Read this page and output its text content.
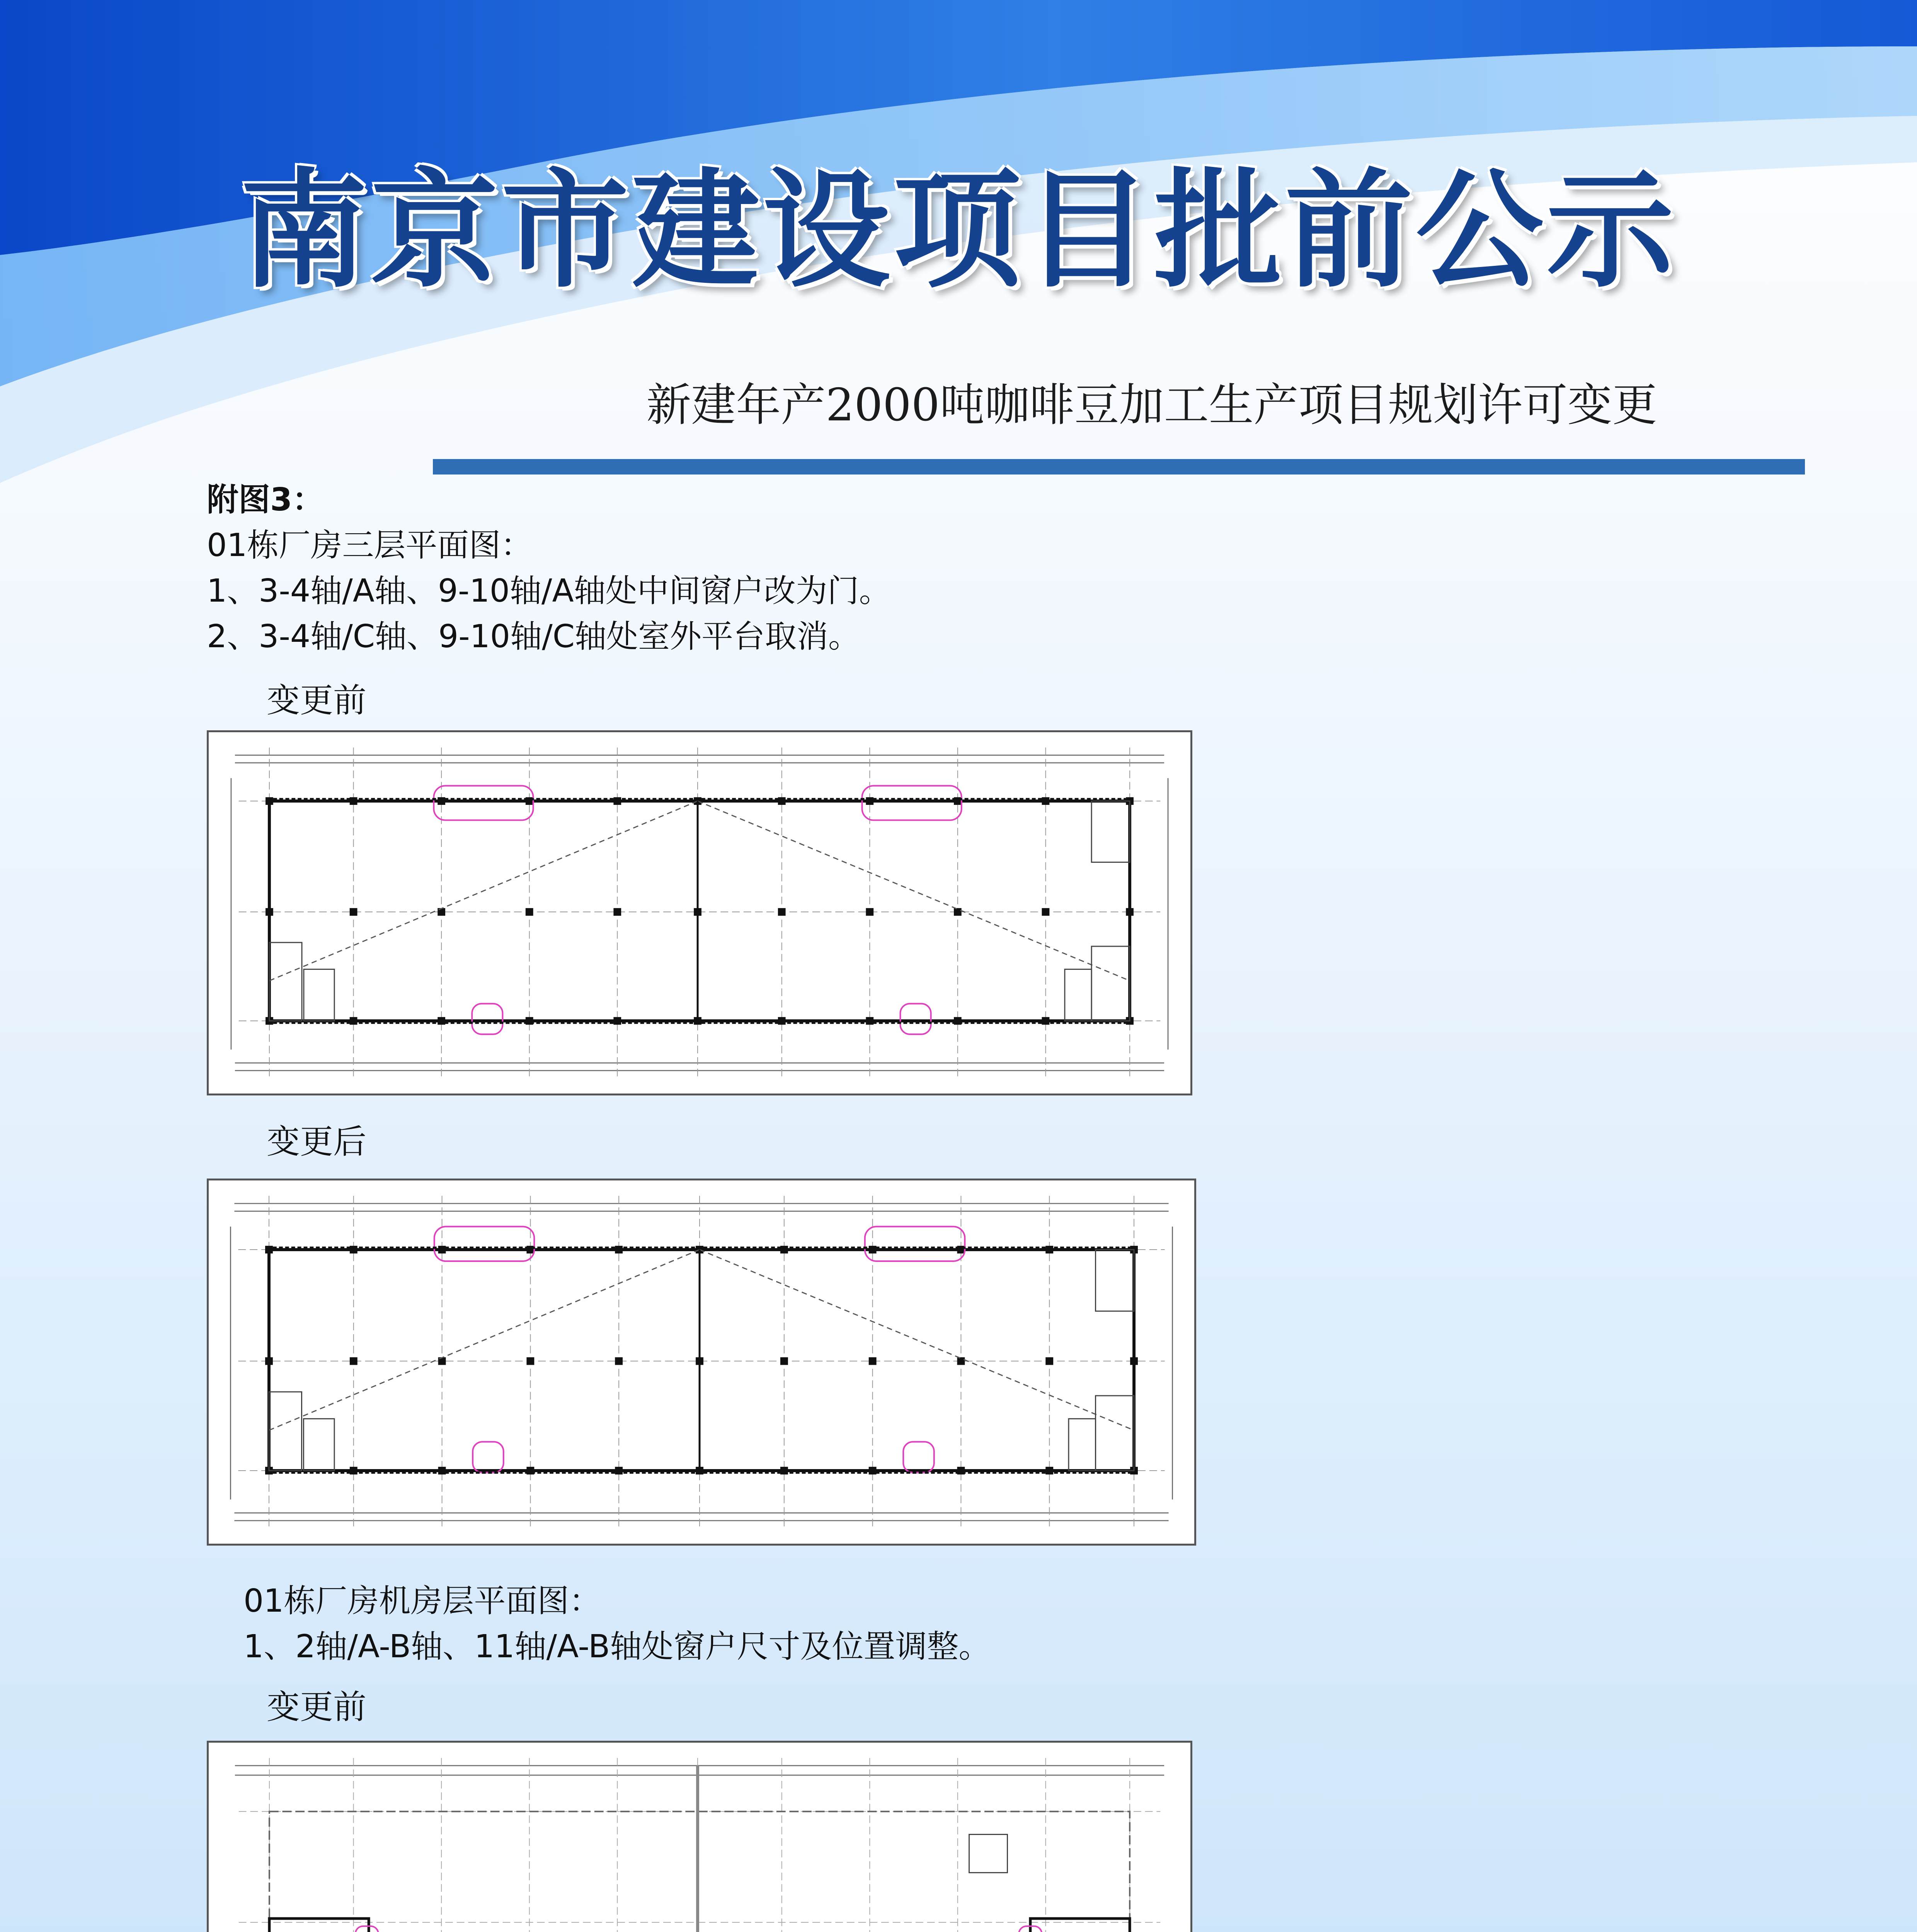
南京市建设项目批前公示
新建年产2000吨咖啡豆加工生产项目规划许可变更
附图3：
01栋厂房三层平面图：
1、3-4轴/A轴、9-10轴/A轴处中间窗户改为门。
2、3-4轴/C轴、9-10轴/C轴处室外平台取消。
变更前
变更后
01栋厂房机房层平面图：
1、2轴/A-B轴、11轴/A-B轴处窗户尺寸及位置调整。
变更前
